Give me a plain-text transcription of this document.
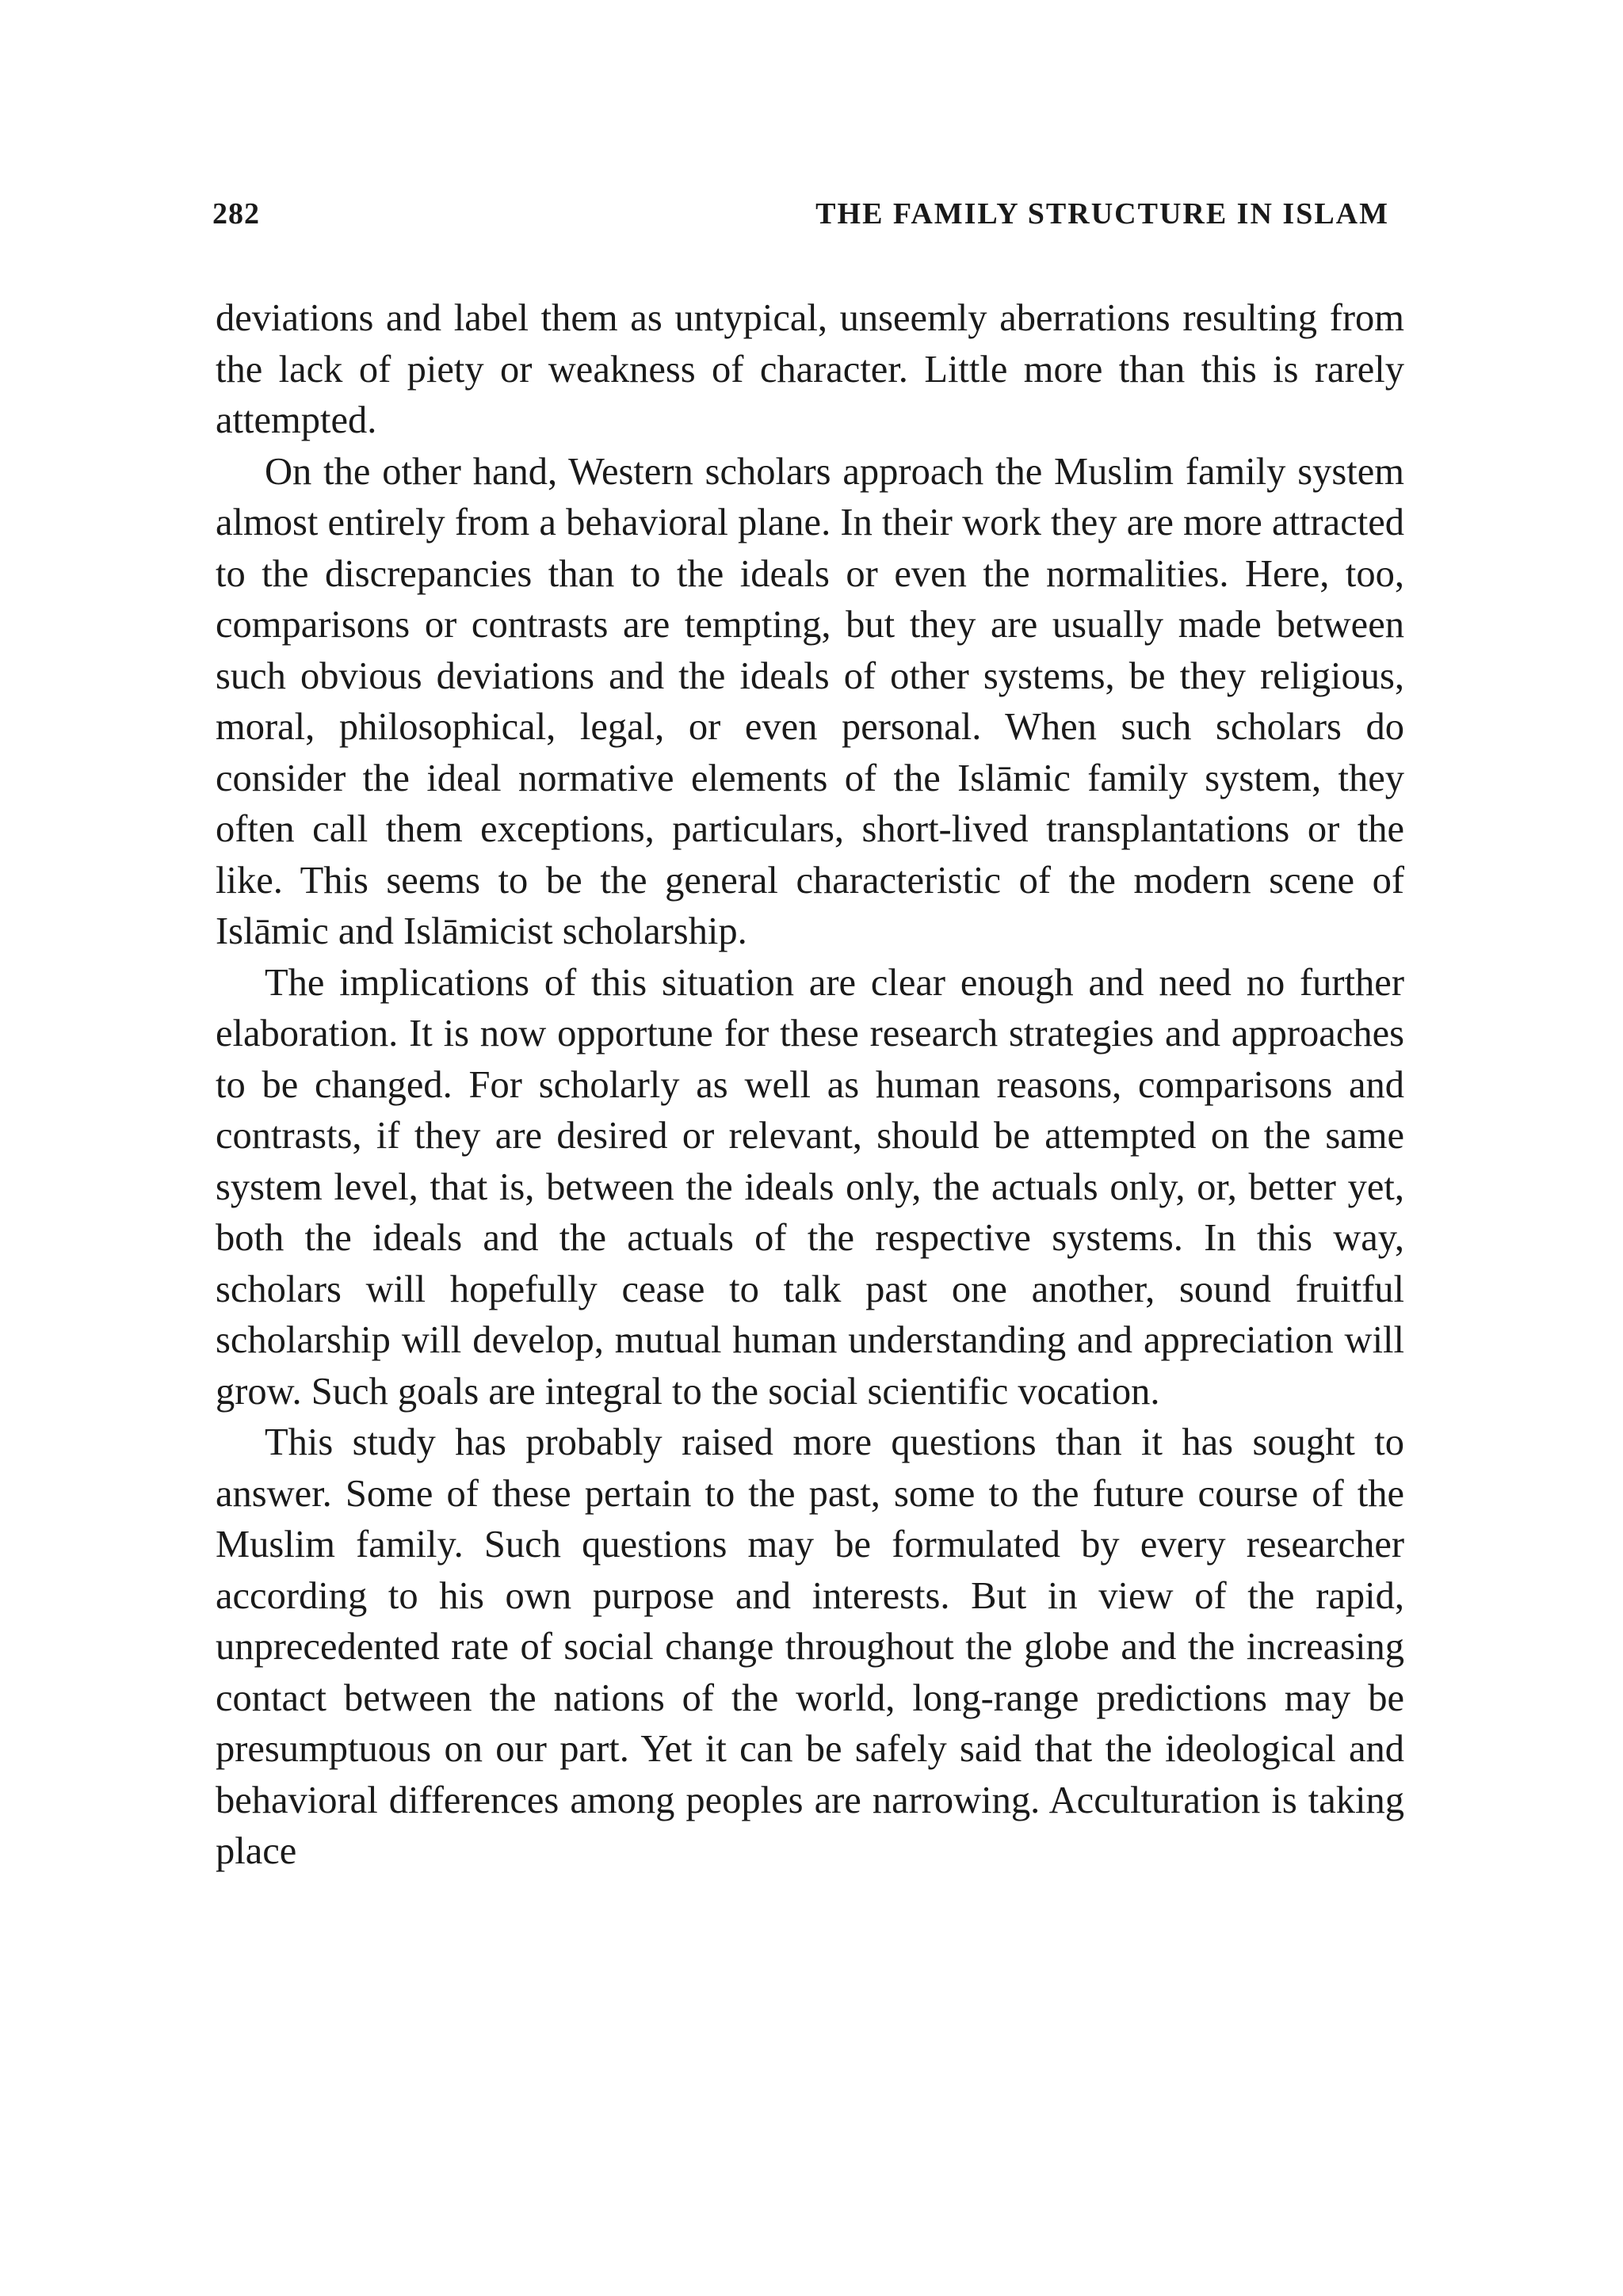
282	THE FAMILY STRUCTURE IN ISLAM

deviations and label them as untypical, unseemly aberrations resulting from the lack of piety or weakness of character. Little more than this is rarely attempted.

On the other hand, Western scholars approach the Muslim family system almost entirely from a behavioral plane. In their work they are more attracted to the discrepancies than to the ideals or even the normalities. Here, too, comparisons or contrasts are tempting, but they are usually made between such obvious deviations and the ideals of other systems, be they religious, moral, philosophical, legal, or even personal. When such scholars do consider the ideal normative elements of the Islāmic family system, they often call them exceptions, particulars, short-lived transplantations or the like. This seems to be the general characteristic of the modern scene of Islāmic and Islāmicist scholarship.

The implications of this situation are clear enough and need no further elaboration. It is now opportune for these research strategies and approaches to be changed. For scholarly as well as human reasons, comparisons and contrasts, if they are desired or relevant, should be attempted on the same system level, that is, between the ideals only, the actuals only, or, better yet, both the ideals and the actuals of the respective systems. In this way, scholars will hopefully cease to talk past one another, sound fruitful scholarship will develop, mutual human understanding and appreciation will grow. Such goals are integral to the social scientific vocation.

This study has probably raised more questions than it has sought to answer. Some of these pertain to the past, some to the future course of the Muslim family. Such questions may be formulated by every researcher according to his own purpose and interests. But in view of the rapid, unprecedented rate of social change throughout the globe and the increasing contact between the nations of the world, long-range predictions may be presumptuous on our part. Yet it can be safely said that the ideological and behavioral differences among peoples are narrowing. Acculturation is taking place
